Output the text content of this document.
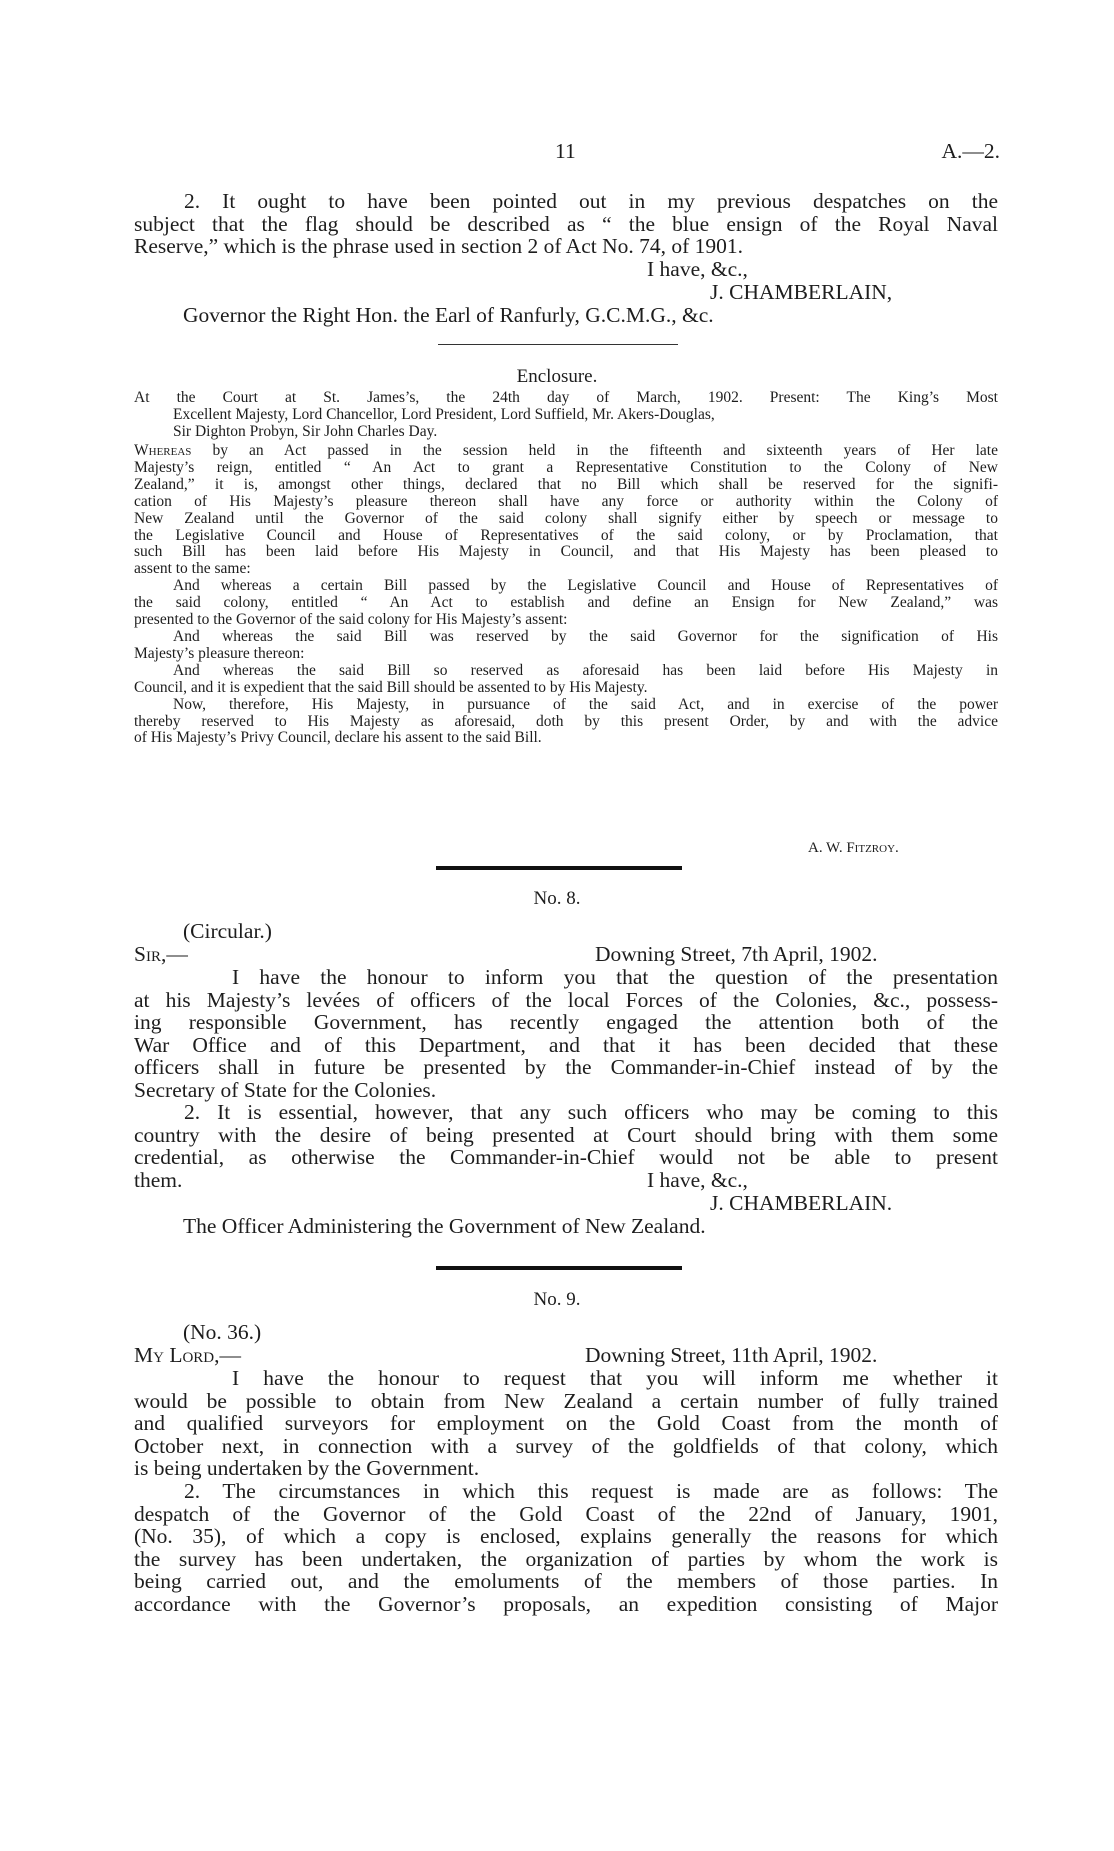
11	A.—2.
2. It ought to have been pointed out in my previous despatches on the
subject that the flag should be described as “ the blue ensign of the Royal Naval
Reserve,” which is the phrase used in section 2 of Act No. 74, of 1901.
I have, &c.,
J. CHAMBERLAIN,
Governor the Right Hon. the Earl of Ranfurly, G.C.M.G., &c.
Enclosure.
At the Court at St. James’s, the 24th day of March, 1902. Present: The King’s Most
Excellent Majesty, Lord Chancellor, Lord President, Lord Suffield, Mr. Akers-Douglas,
Sir Dighton Probyn, Sir John Charles Day.
Whereas by an Act passed in the session held in the fifteenth and sixteenth years of Her late
Majesty’s reign, entitled “ An Act to grant a Representative Constitution to the Colony of New
Zealand,” it is, amongst other things, declared that no Bill which shall be reserved for the signifi-
cation of His Majesty’s pleasure thereon shall have any force or authority within the Colony of
New Zealand until the Governor of the said colony shall signify either by speech or message to
the Legislative Council and House of Representatives of the said colony, or by Proclamation, that
such Bill has been laid before His Majesty in Council, and that His Majesty has been pleased to
assent to the same:
And whereas a certain Bill passed by the Legislative Council and House of Representatives of
the said colony, entitled “ An Act to establish and define an Ensign for New Zealand,” was
presented to the Governor of the said colony for His Majesty’s assent:
And whereas the said Bill was reserved by the said Governor for the signification of His
Majesty’s pleasure thereon:
And whereas the said Bill so reserved as aforesaid has been laid before His Majesty in
Council, and it is expedient that the said Bill should be assented to by His Majesty.
Now, therefore, His Majesty, in pursuance of the said Act, and in exercise of the power
thereby reserved to His Majesty as aforesaid, doth by this present Order, by and with the advice
of His Majesty’s Privy Council, declare his assent to the said Bill.
A. W. Fitzroy.
No. 8.
(Circular.)
Sir,—	Downing Street, 7th April, 1902.
I have the honour to inform you that the question of the presentation
at his Majesty’s levées of officers of the local Forces of the Colonies, &c., possess-
ing responsible Government, has recently engaged the attention both of the
War Office and of this Department, and that it has been decided that these
officers shall in future be presented by the Commander-in-Chief instead of by the
Secretary of State for the Colonies.
2. It is essential, however, that any such officers who may be coming to this
country with the desire of being presented at Court should bring with them some
credential, as otherwise the Commander-in-Chief would not be able to present
them.	I have, &c.,
J. CHAMBERLAIN.
The Officer Administering the Government of New Zealand.
No. 9.
(No. 36.)
My Lord,—	Downing Street, 11th April, 1902.
I have the honour to request that you will inform me whether it
would be possible to obtain from New Zealand a certain number of fully trained
and qualified surveyors for employment on the Gold Coast from the month of
October next, in connection with a survey of the goldfields of that colony, which
is being undertaken by the Government.
2. The circumstances in which this request is made are as follows: The
despatch of the Governor of the Gold Coast of the 22nd of January, 1901,
(No. 35), of which a copy is enclosed, explains generally the reasons for which
the survey has been undertaken, the organization of parties by whom the work is
being carried out, and the emoluments of the members of those parties. In
accordance with the Governor’s proposals, an expedition consisting of Major
